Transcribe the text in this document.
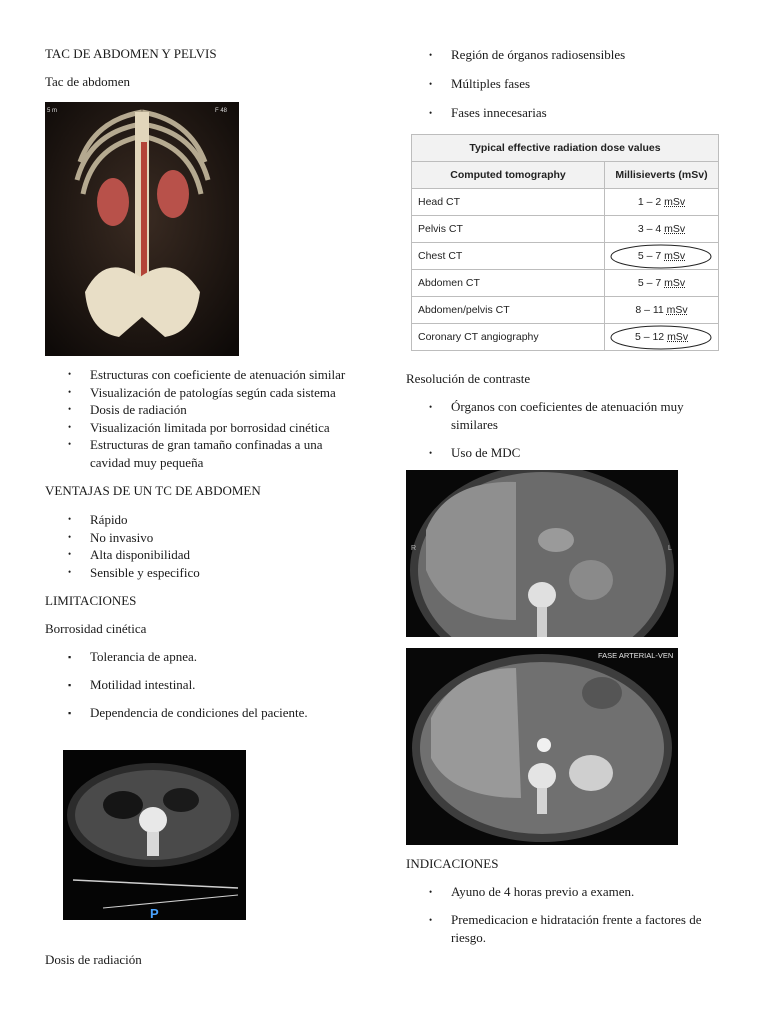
TAC DE ABDOMEN Y PELVIS
Tac de abdomen
5 m	F 48
• Estructuras con coeficiente de atenuación similar
• Visualización de patologías según cada sistema
• Dosis de radiación
• Visualización limitada por borrosidad cinética
• Estructuras de gran tamaño confinadas a una
cavidad muy pequeña
VENTAJAS DE UN TC DE ABDOMEN
• Rápido
• No invasivo
• Alta disponibilidad
• Sensible y especifico
LIMITACIONES
Borrosidad cinética
▪ Tolerancia de apnea.
▪ Motilidad intestinal.
▪ Dependencia de condiciones del paciente.
P
Dosis de radiación
• Región de órganos radiosensibles
• Múltiples fases
• Fases innecesarias
Typical effective radiation dose values	
Computed tomography	Millisieverts (mSv)
Head CT	1 – 2 mSv
Pelvis CT	3 – 4 mSv
Chest CT	5 – 7 mSv

Abdomen CT	5 – 7 mSv
Abdomen/pelvis CT	8 – 11 mSv
Coronary CT angiography	5 – 12 mSv
Resolución de contraste
• Órganos con coeficientes de atenuación muy
similares
• Uso de MDC
R	L
FASE ARTERIAL-VEN
INDICACIONES
• Ayuno de 4 horas previo a examen.
• Premedicacion e hidratación frente a factores de
riesgo.
